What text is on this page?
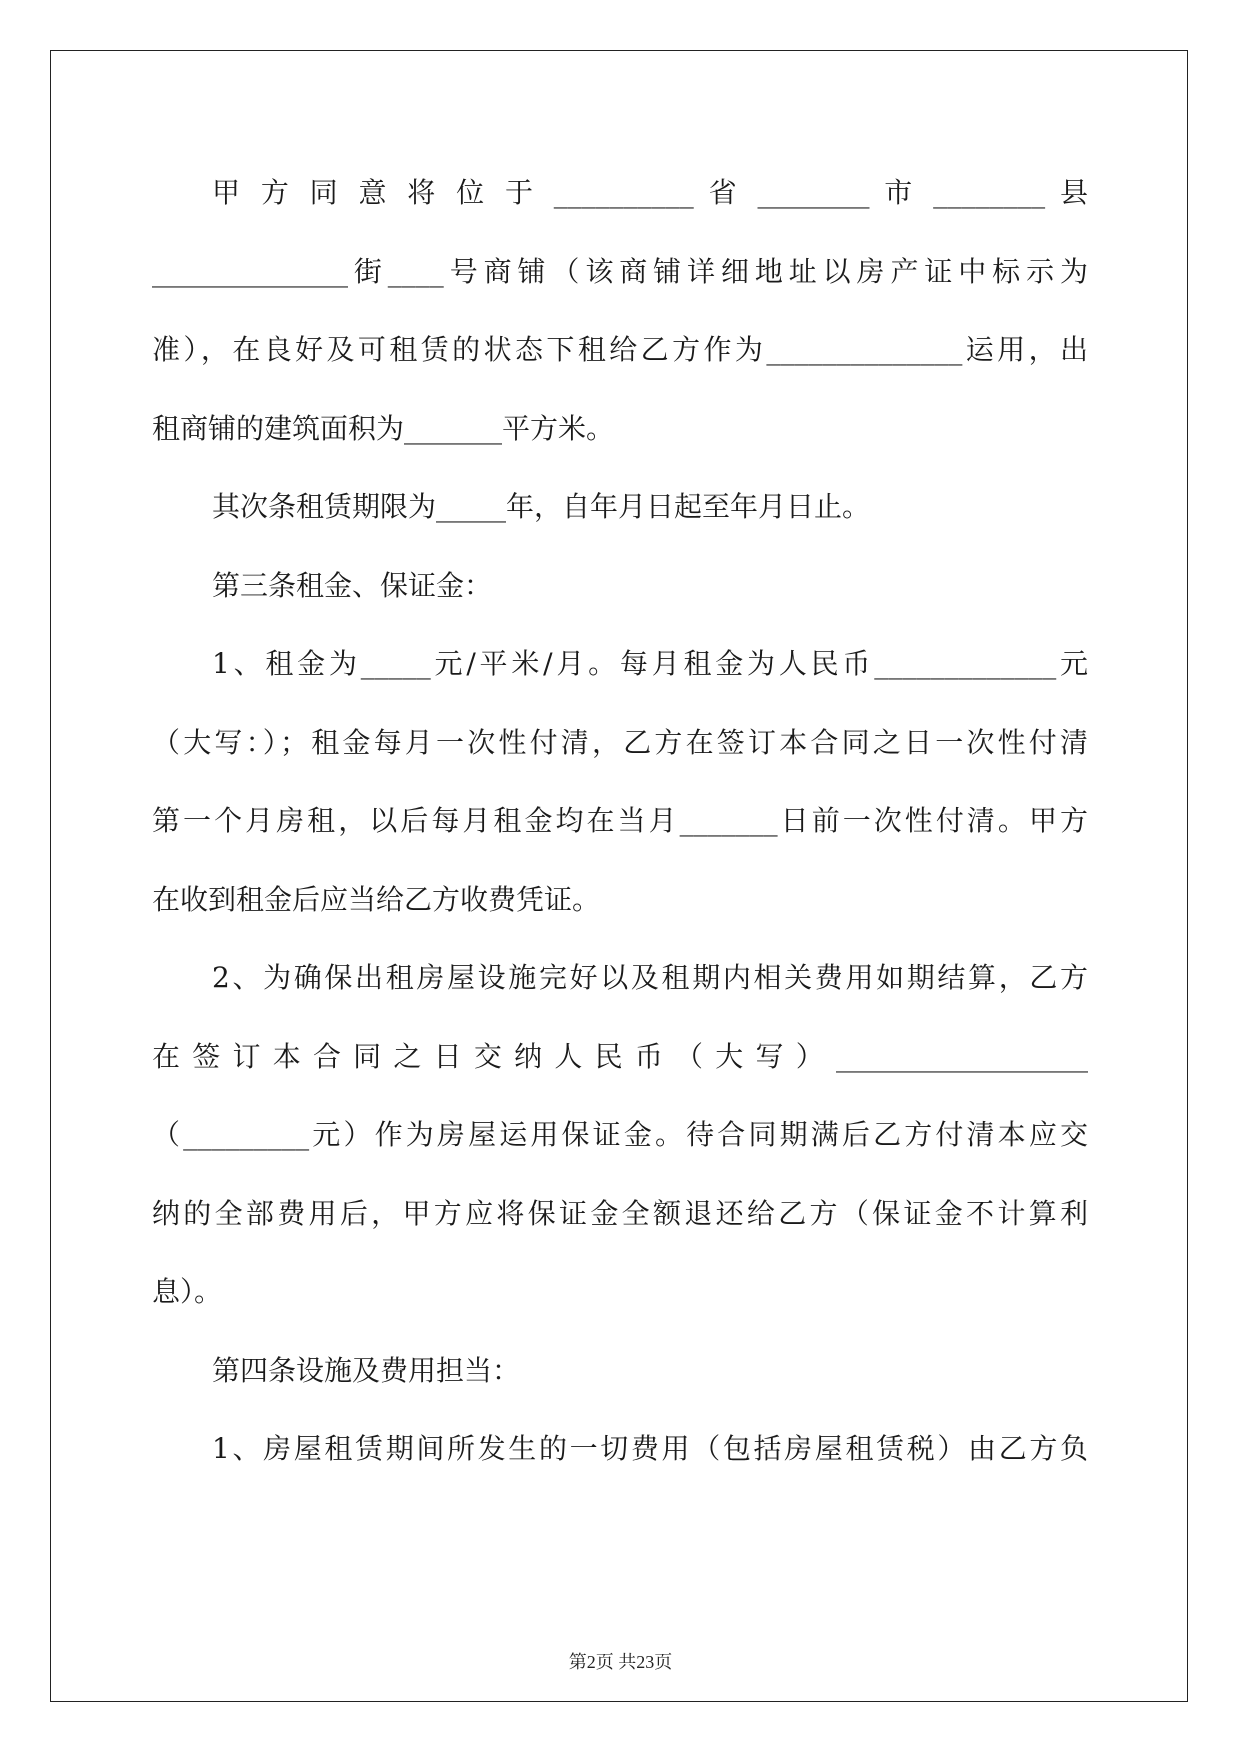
甲 方 同 意 将 位 于 __________ 省 ________ 市 ________ 县
______________街____号商铺（该商铺详细地址以房产证中标示为
准），在良好及可租赁的状态下租给乙方作为______________运用，出
租商铺的建筑面积为_______平方米。
其次条租赁期限为_____年，自年月日起至年月日止。
第三条租金、保证金：
1、租金为_____元/平米/月。每月租金为人民币_____________元
（大写：）；租金每月一次性付清，乙方在签订本合同之日一次性付清
第一个月房租，以后每月租金均在当月_______日前一次性付清。甲方
在收到租金后应当给乙方收费凭证。
2、为确保出租房屋设施完好以及租期内相关费用如期结算，乙方
在 签 订 本 合 同 之 日 交 纳 人 民 币 （ 大 写 ） __________________
（_________元）作为房屋运用保证金。待合同期满后乙方付清本应交
纳的全部费用后，甲方应将保证金全额退还给乙方（保证金不计算利
息）。
第四条设施及费用担当：
1、房屋租赁期间所发生的一切费用（包括房屋租赁税）由乙方负
第2页 共23页
